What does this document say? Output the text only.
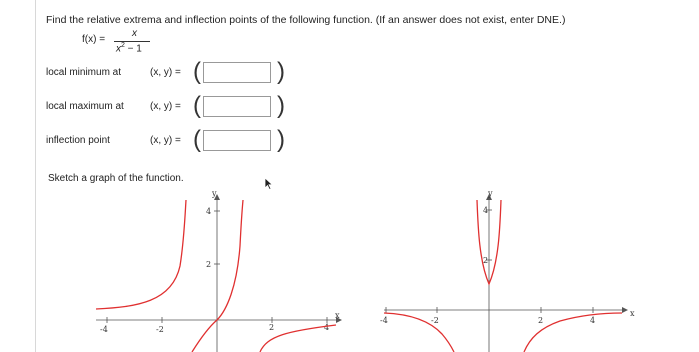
Find the relative extrema and inflection points of the following function. (If an answer does not exist, enter DNE.)
f(x) =
x
$x^2 - 1$
local minimum at	(x, y) = (	)
local maximum at	(x, y) = (	)
inflection point	(x, y) = (	)
Sketch a graph of the function.
x
y
4
2
-4	-2	2	4
x
y
4
2
-4	-2	2	4
